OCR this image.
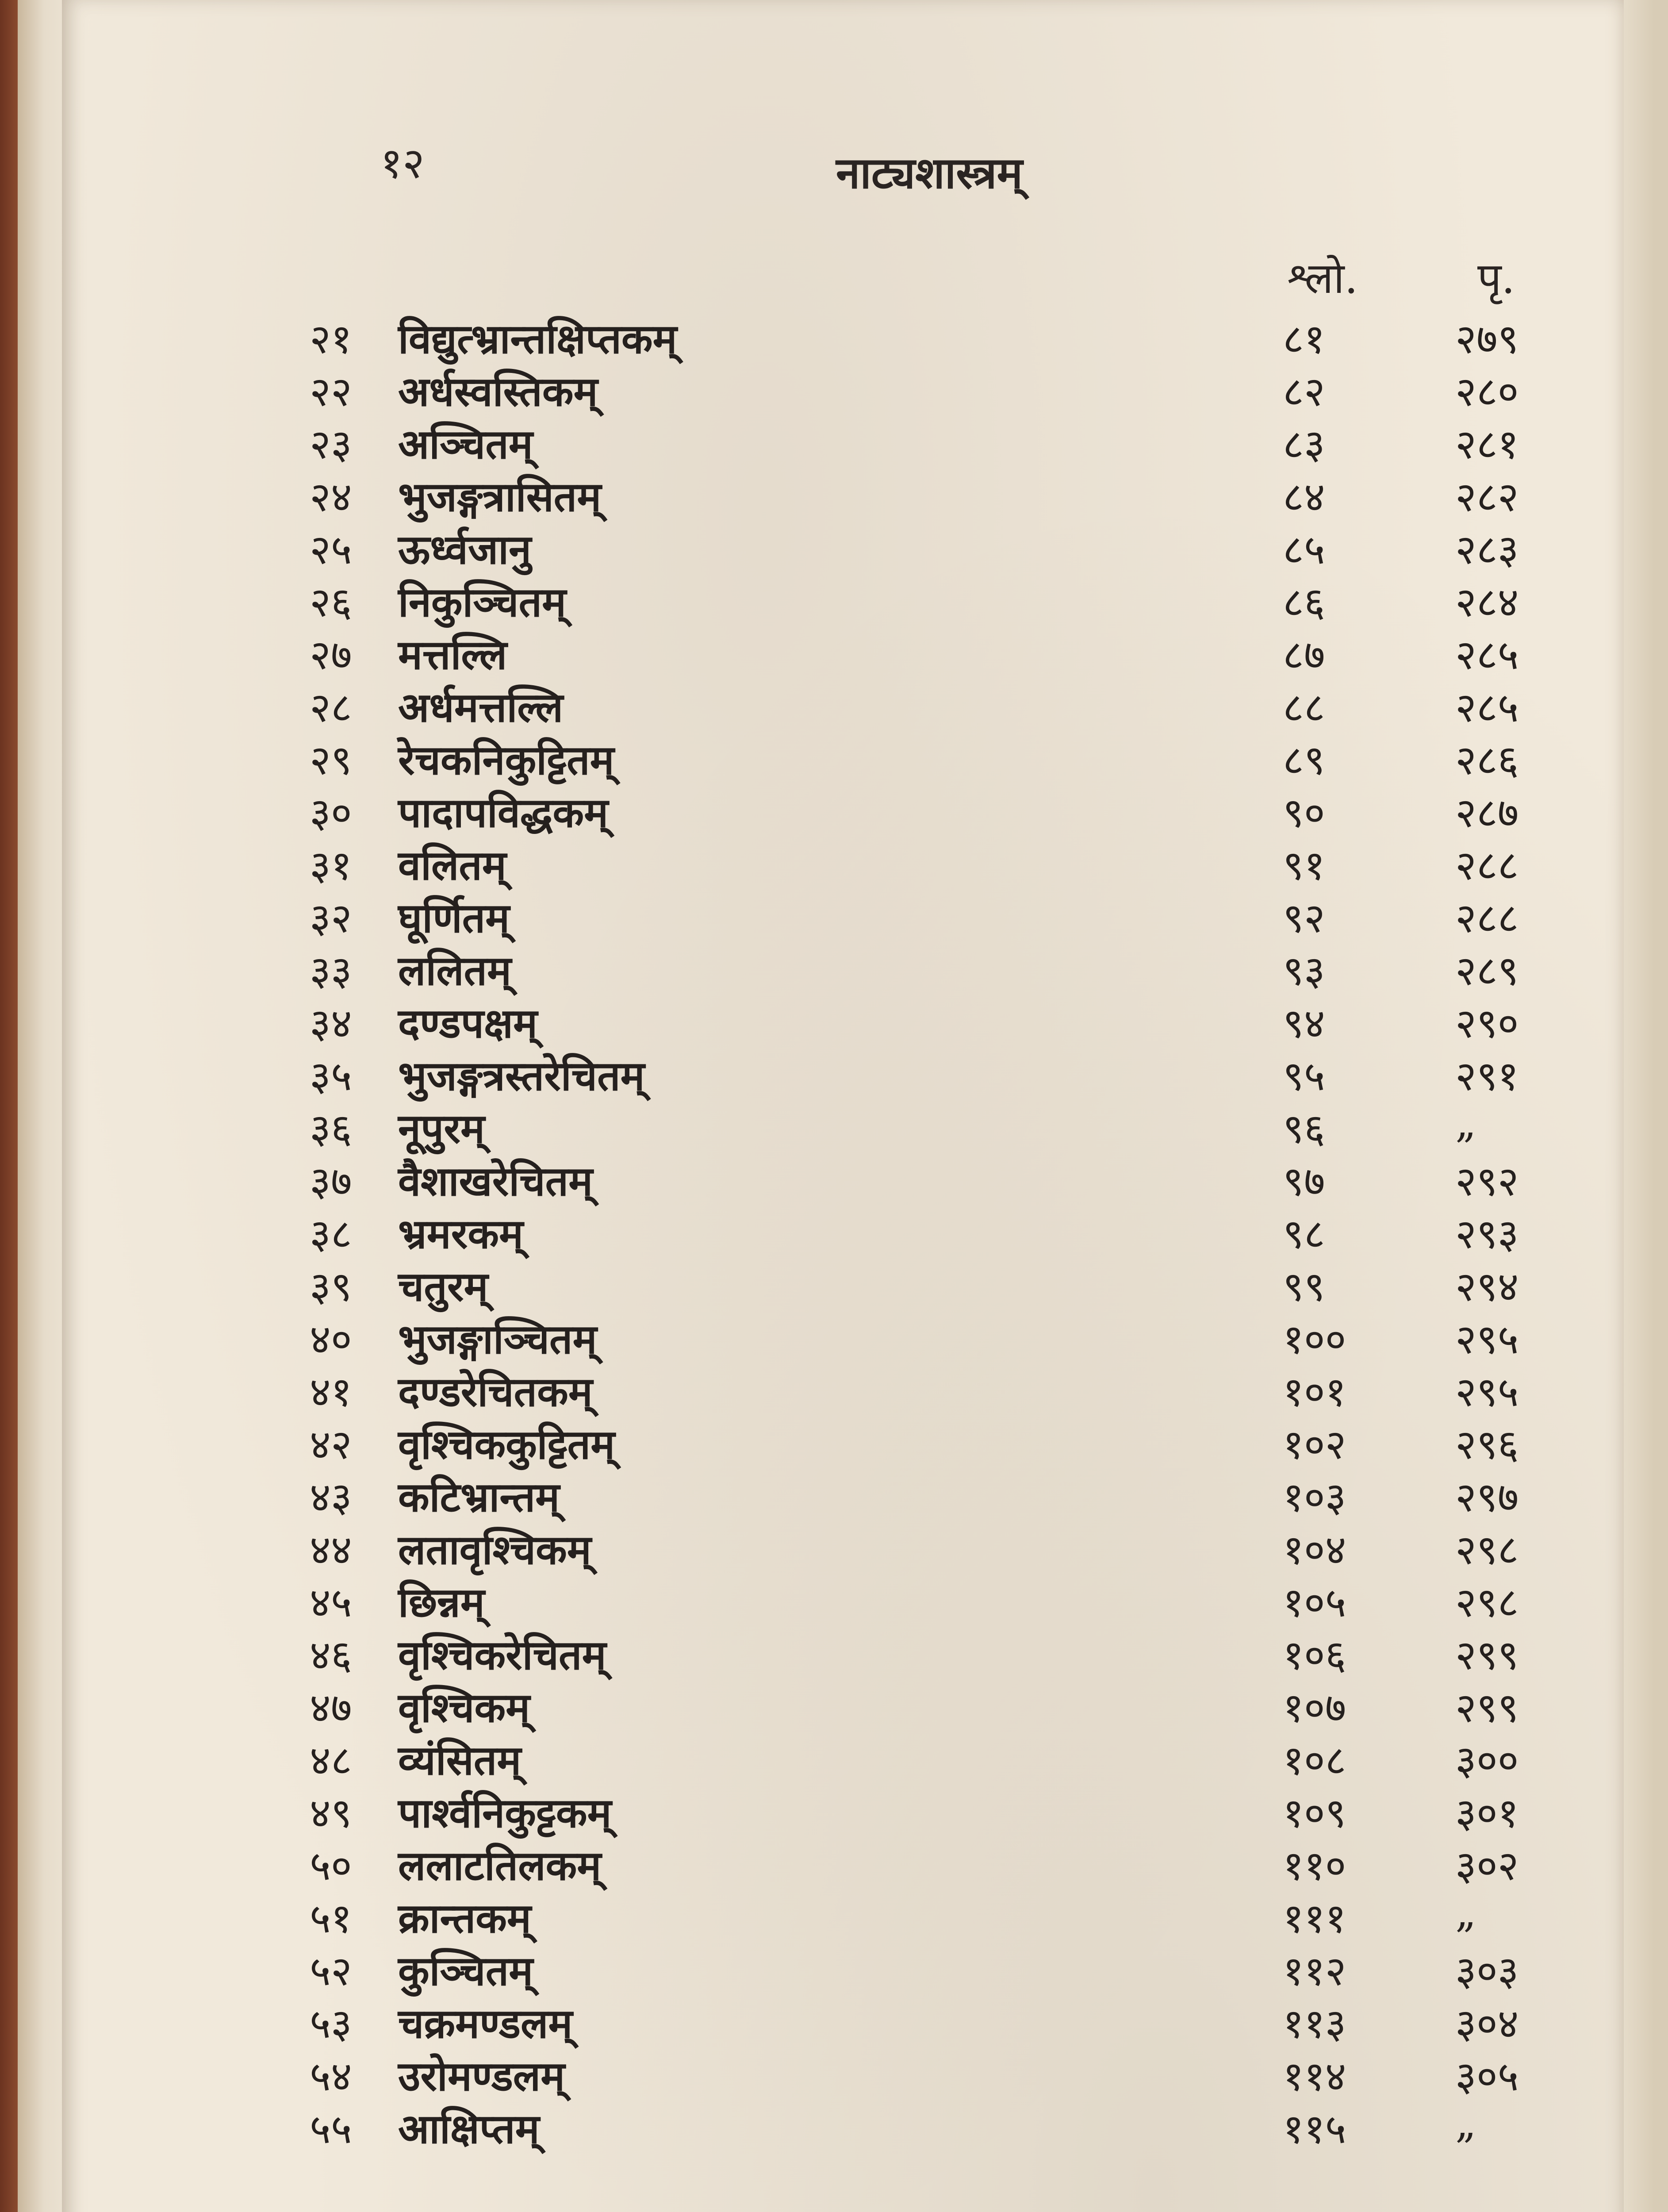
१२	नाट्यशास्त्रम्
श्लो.	पृ.
२१ विद्युत्भ्रान्तक्षिप्तकम्	८१	२७९
२२ अर्धस्वस्तिकम्	८२	२८०
२३ अञ्चितम्	८३	२८१
२४ भुजङ्गत्रासितम्	८४	२८२
२५ ऊर्ध्वजानु	८५	२८३
२६ निकुञ्चितम्	८६	२८४
२७ मत्तल्लि	८७	२८५
२८ अर्धमत्तल्लि	८८	२८५
२९ रेचकनिकुट्टितम्	८९	२८६
३० पादापविद्धकम्	९०	२८७
३१ वलितम्	९१	२८८
३२ घूर्णितम्	९२	२८८
३३ ललितम्	९३	२८९
३४ दण्डपक्षम्	९४	२९०
३५ भुजङ्गत्रस्तरेचितम्	९५	२९१
३६ नूपुरम्	९६	„
३७ वैशाखरेचितम्	९७	२९२
३८ भ्रमरकम्	९८	२९३
३९ चतुरम्	९९	२९४
४० भुजङ्गाञ्चितम्	१००	२९५
४१ दण्डरेचितकम्	१०१	२९५
४२ वृश्चिककुट्टितम्	१०२	२९६
४३ कटिभ्रान्तम्	१०३	२९७
४४ लतावृश्चिकम्	१०४	२९८
४५ छिन्नम्	१०५	२९८
४६ वृश्चिकरेचितम्	१०६	२९९
४७ वृश्चिकम्	१०७	२९९
४८ व्यंसितम्	१०८	३००
४९ पार्श्वनिकुट्टकम्	१०९	३०१
५० ललाटतिलकम्	११०	३०२
५१ क्रान्तकम्	१११	„
५२ कुञ्चितम्	११२	३०३
५३ चक्रमण्डलम्	११३	३०४
५४ उरोमण्डलम्	११४	३०५
५५ आक्षिप्तम्	११५	„
